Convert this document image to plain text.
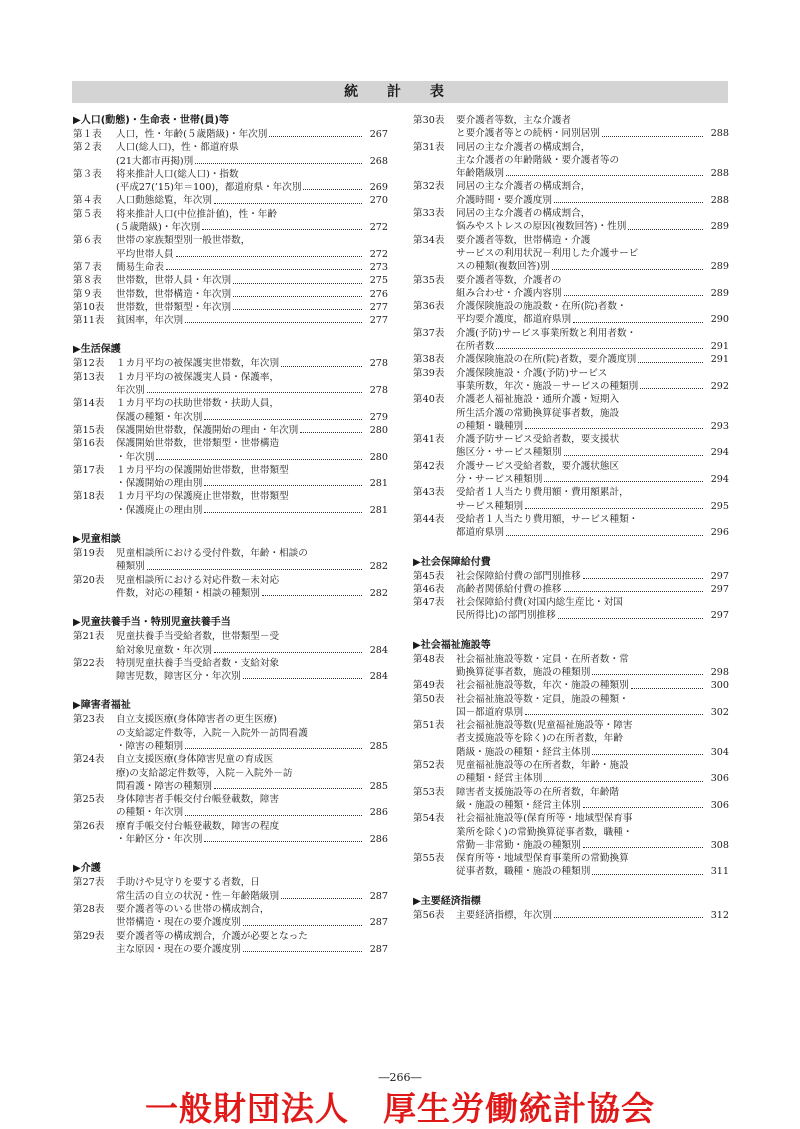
統 計 表
▶人口(動態)・生命表・世帯(員)等
第１表	人口，性・年齢(５歳階級)・年次別	267
第２表	人口(総人口)，性・都道府県
(21大都市再掲)別	268
第３表	将来推計人口(総人口)・指数
(平成27(’15)年＝100)，都道府県・年次別	269
第４表	人口動態総覧，年次別	270
第５表	将来推計人口(中位推計値)，性・年齢
(５歳階級)・年次別	272
第６表	世帯の家族類型別一般世帯数，
平均世帯人員	272
第７表	簡易生命表	273
第８表	世帯数，世帯人員・年次別	275
第９表	世帯数，世帯構造・年次別	276
第10表	世帯数，世帯類型・年次別	277
第11表	貧困率，年次別	277
▶生活保護
第12表	１カ月平均の被保護実世帯数，年次別	278
第13表	１カ月平均の被保護実人員・保護率，
年次別	278
第14表	１カ月平均の扶助世帯数・扶助人員，
保護の種類・年次別	279
第15表	保護開始世帯数，保護開始の理由・年次別	280
第16表	保護開始世帯数，世帯類型・世帯構造
・年次別	280
第17表	１カ月平均の保護開始世帯数，世帯類型
・保護開始の理由別	281
第18表	１カ月平均の保護廃止世帯数，世帯類型
・保護廃止の理由別	281
▶児童相談
第19表	児童相談所における受付件数，年齢・相談の
種類別	282
第20表	児童相談所における対応件数－未対応
件数，対応の種類・相談の種類別	282
▶児童扶養手当・特別児童扶養手当
第21表	児童扶養手当受給者数，世帯類型－受
給対象児童数・年次別	284
第22表	特別児童扶養手当受給者数・支給対象
障害児数，障害区分・年次別	284
▶障害者福祉
第23表	自立支援医療(身体障害者の更生医療)
の支給認定件数等，入院－入院外－訪問看護
・障害の種類別	285
第24表	自立支援医療(身体障害児童の育成医
療)の支給認定件数等，入院－入院外－訪
問看護・障害の種類別	285
第25表	身体障害者手帳交付台帳登載数，障害
の種類・年次別	286
第26表	療育手帳交付台帳登載数，障害の程度
・年齢区分・年次別	286
▶介護
第27表	手助けや見守りを要する者数，日
常生活の自立の状況・性－年齢階級別	287
第28表	要介護者等のいる世帯の構成割合，
世帯構造・現在の要介護度別	287
第29表	要介護者等の構成割合，介護が必要となった
主な原因・現在の要介護度別	287
第30表	要介護者等数，主な介護者
と要介護者等との続柄・同別居別	288
第31表	同居の主な介護者の構成割合，
主な介護者の年齢階級・要介護者等の
年齢階級別	288
第32表	同居の主な介護者の構成割合，
介護時間・要介護度別	288
第33表	同居の主な介護者の構成割合，
悩みやストレスの原因(複数回答)・性別	289
第34表	要介護者等数，世帯構造・介護
サービスの利用状況－利用した介護サービ
スの種類(複数回答)別	289
第35表	要介護者等数，介護者の
組み合わせ・介護内容別	289
第36表	介護保険施設の施設数・在所(院)者数・
平均要介護度，都道府県別	290
第37表	介護(予防)サービス事業所数と利用者数・
在所者数	291
第38表	介護保険施設の在所(院)者数，要介護度別	291
第39表	介護保険施設・介護(予防)サービス
事業所数，年次・施設－サービスの種類別	292
第40表	介護老人福祉施設・通所介護・短期入
所生活介護の常勤換算従事者数，施設
の種類・職種別	293
第41表	介護予防サービス受給者数，要支援状
態区分・サービス種類別	294
第42表	介護サービス受給者数，要介護状態区
分・サービス種類別	294
第43表	受給者１人当たり費用額・費用額累計，
サービス種類別	295
第44表	受給者１人当たり費用額，サービス種類・
都道府県別	296
▶社会保障給付費
第45表	社会保障給付費の部門別推移	297
第46表	高齢者関係給付費の推移	297
第47表	社会保障給付費(対国内総生産比・対国
民所得比)の部門別推移	297
▶社会福祉施設等
第48表	社会福祉施設等数・定員・在所者数・常
勤換算従事者数，施設の種類別	298
第49表	社会福祉施設等数，年次・施設の種類別	300
第50表	社会福祉施設等数・定員，施設の種類・
国－都道府県別	302
第51表	社会福祉施設等数(児童福祉施設等・障害
者支援施設等を除く)の在所者数，年齢
階級・施設の種類・経営主体別	304
第52表	児童福祉施設等の在所者数，年齢・施設
の種類・経営主体別	306
第53表	障害者支援施設等の在所者数，年齢階
級・施設の種類・経営主体別	306
第54表	社会福祉施設等(保育所等・地域型保育事
業所を除く)の常勤換算従事者数，職種・
常勤－非常勤・施設の種類別	308
第55表	保育所等・地域型保育事業所の常勤換算
従事者数，職種・施設の種類別	311
▶主要経済指標
第56表	主要経済指標，年次別	312
―266―
一般財団法人　厚生労働統計協会
